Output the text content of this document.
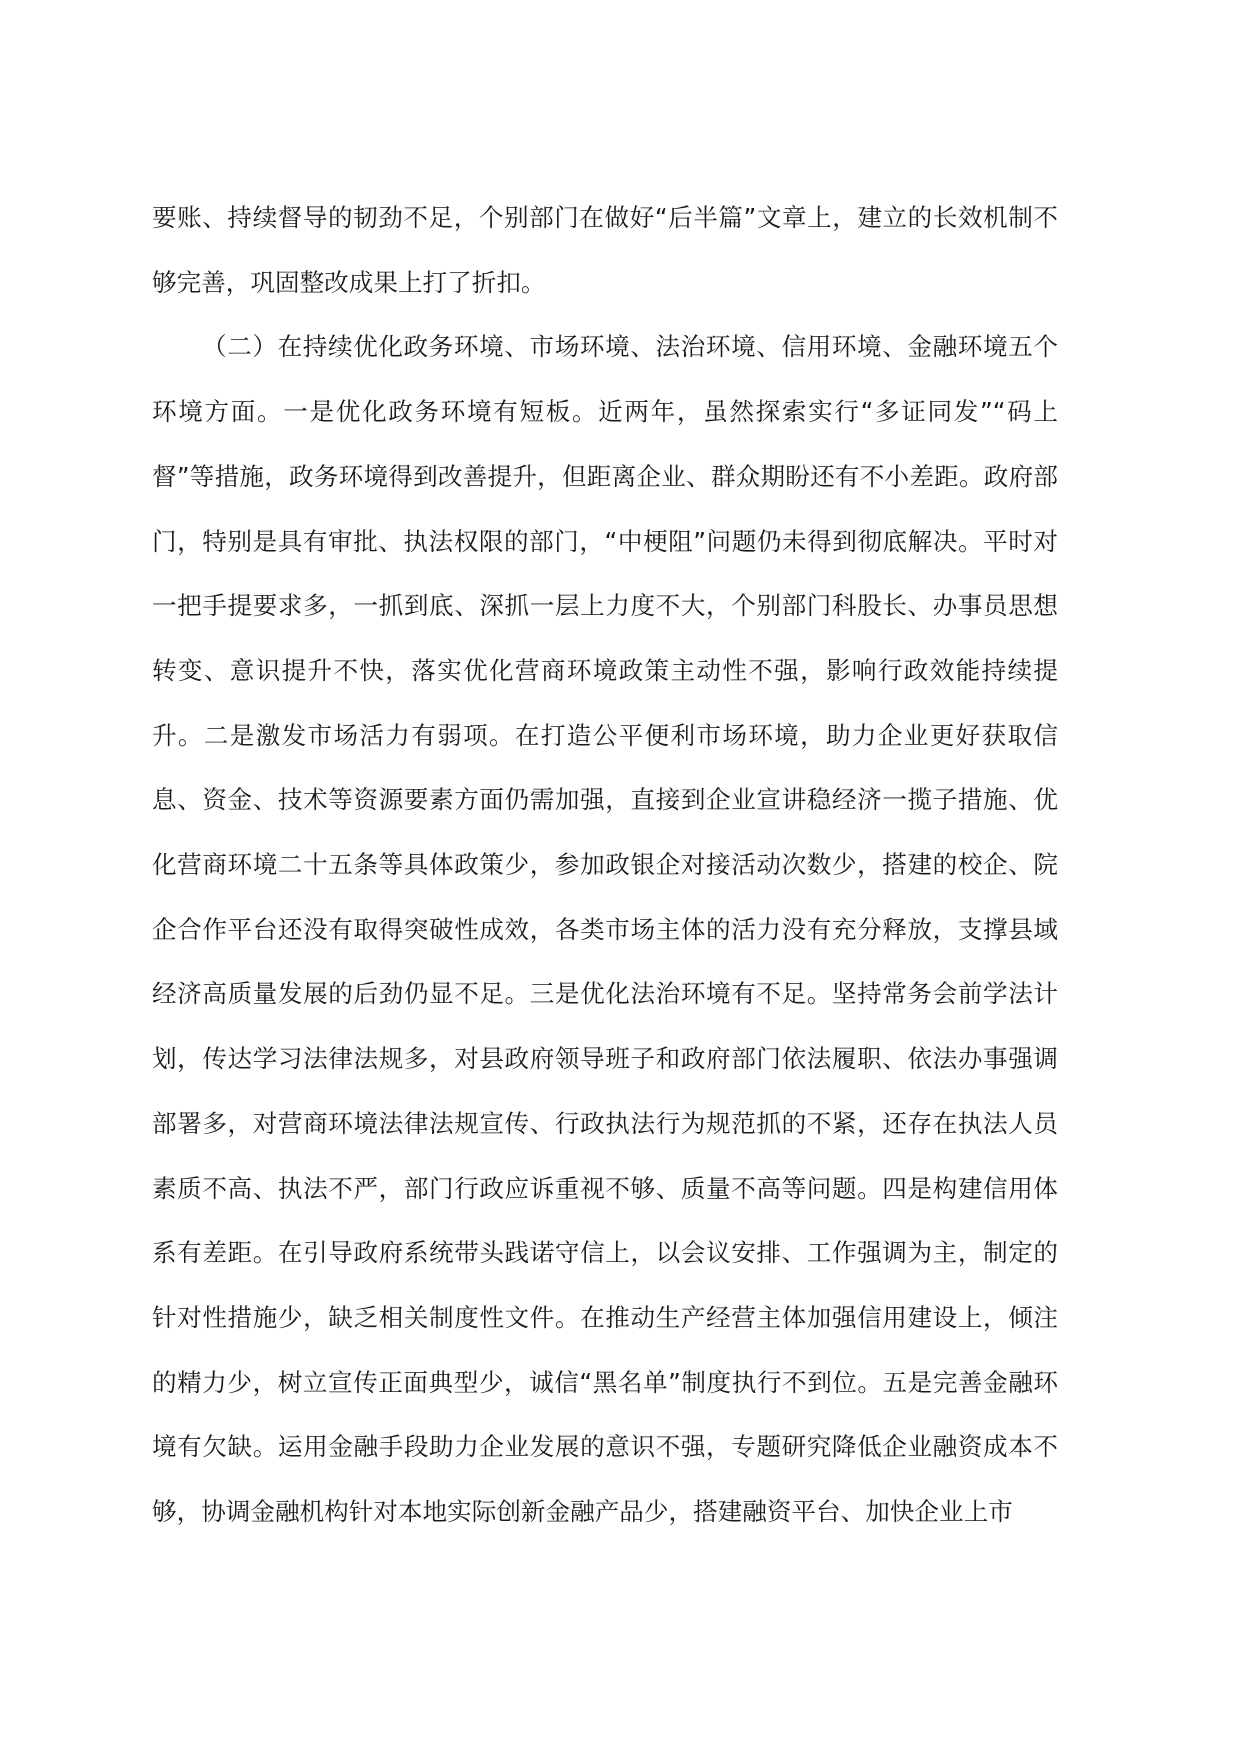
要账、持续督导的韧劲不足，个别部门在做好“后半篇”文章上，建立的长效机制不够完善，巩固整改成果上打了折扣。

（二）在持续优化政务环境、市场环境、法治环境、信用环境、金融环境五个环境方面。一是优化政务环境有短板。近两年，虽然探索实行“多证同发”“码上督”等措施，政务环境得到改善提升，但距离企业、群众期盼还有不小差距。政府部门，特别是具有审批、执法权限的部门，“中梗阻”问题仍未得到彻底解决。平时对一把手提要求多，一抓到底、深抓一层上力度不大，个别部门科股长、办事员思想转变、意识提升不快，落实优化营商环境政策主动性不强，影响行政效能持续提升。二是激发市场活力有弱项。在打造公平便利市场环境，助力企业更好获取信息、资金、技术等资源要素方面仍需加强，直接到企业宣讲稳经济一揽子措施、优化营商环境二十五条等具体政策少，参加政银企对接活动次数少，搭建的校企、院企合作平台还没有取得突破性成效，各类市场主体的活力没有充分释放，支撑县域经济高质量发展的后劲仍显不足。三是优化法治环境有不足。坚持常务会前学法计划，传达学习法律法规多，对县政府领导班子和政府部门依法履职、依法办事强调部署多，对营商环境法律法规宣传、行政执法行为规范抓的不紧，还存在执法人员素质不高、执法不严，部门行政应诉重视不够、质量不高等问题。四是构建信用体系有差距。在引导政府系统带头践诺守信上，以会议安排、工作强调为主，制定的针对性措施少，缺乏相关制度性文件。在推动生产经营主体加强信用建设上，倾注的精力少，树立宣传正面典型少，诚信“黑名单”制度执行不到位。五是完善金融环境有欠缺。运用金融手段助力企业发展的意识不强，专题研究降低企业融资成本不够，协调金融机构针对本地实际创新金融产品少，搭建融资平台、加快企业上市
